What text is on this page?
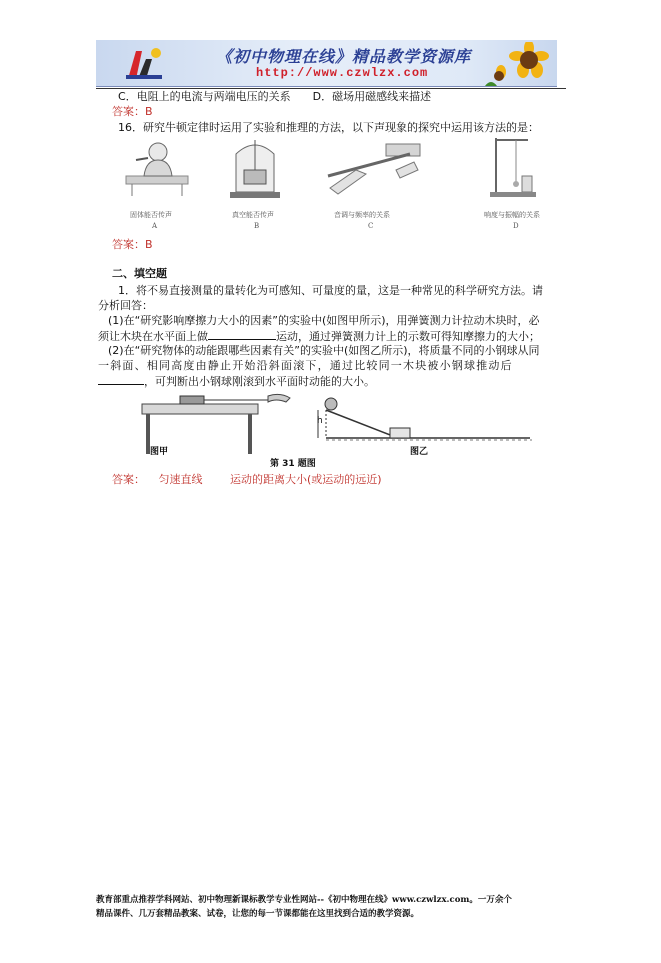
《初中物理在线》精品教学资源库
http://www.czwlzx.com
C．电阻上的电流与两端电压的关系　　D．磁场用磁感线来描述
答案：B
16．研究牛顿定律时运用了实验和推理的方法，以下声现象的探究中运用该方法的是：
固体能否传声
A
真空能否传声
B
音调与频率的关系
C
响度与振幅的关系
D
答案：B
二、填空题
1．将不易直接测量的量转化为可感知、可量度的量，这是一种常见的科学研究方法。请
分析回答：
(1)在“研究影响摩擦力大小的因素”的实验中(如图甲所示)，用弹簧测力计拉动木块时，必
须让木块在水平面上做	运动，通过弹簧测力计上的示数可得知摩擦力的大小；
(2)在“研究物体的动能跟哪些因素有关”的实验中(如图乙所示)，将质量不同的小钢球从同
一斜面、相同高度由静止开始沿斜面滚下，通过比较同一木块被小钢球推动后
，可判断出小钢球刚滚到水平面时动能的大小。
h
图甲	图乙
第 31 题图
答案： 匀速直线	运动的距离大小(或运动的远近)
教育部重点推荐学科网站、初中物理新课标教学专业性网站--《初中物理在线》www.czwlzx.com。一万余个
精品课件、几万套精品教案、试卷，让您的每一节课都能在这里找到合适的教学资源。
